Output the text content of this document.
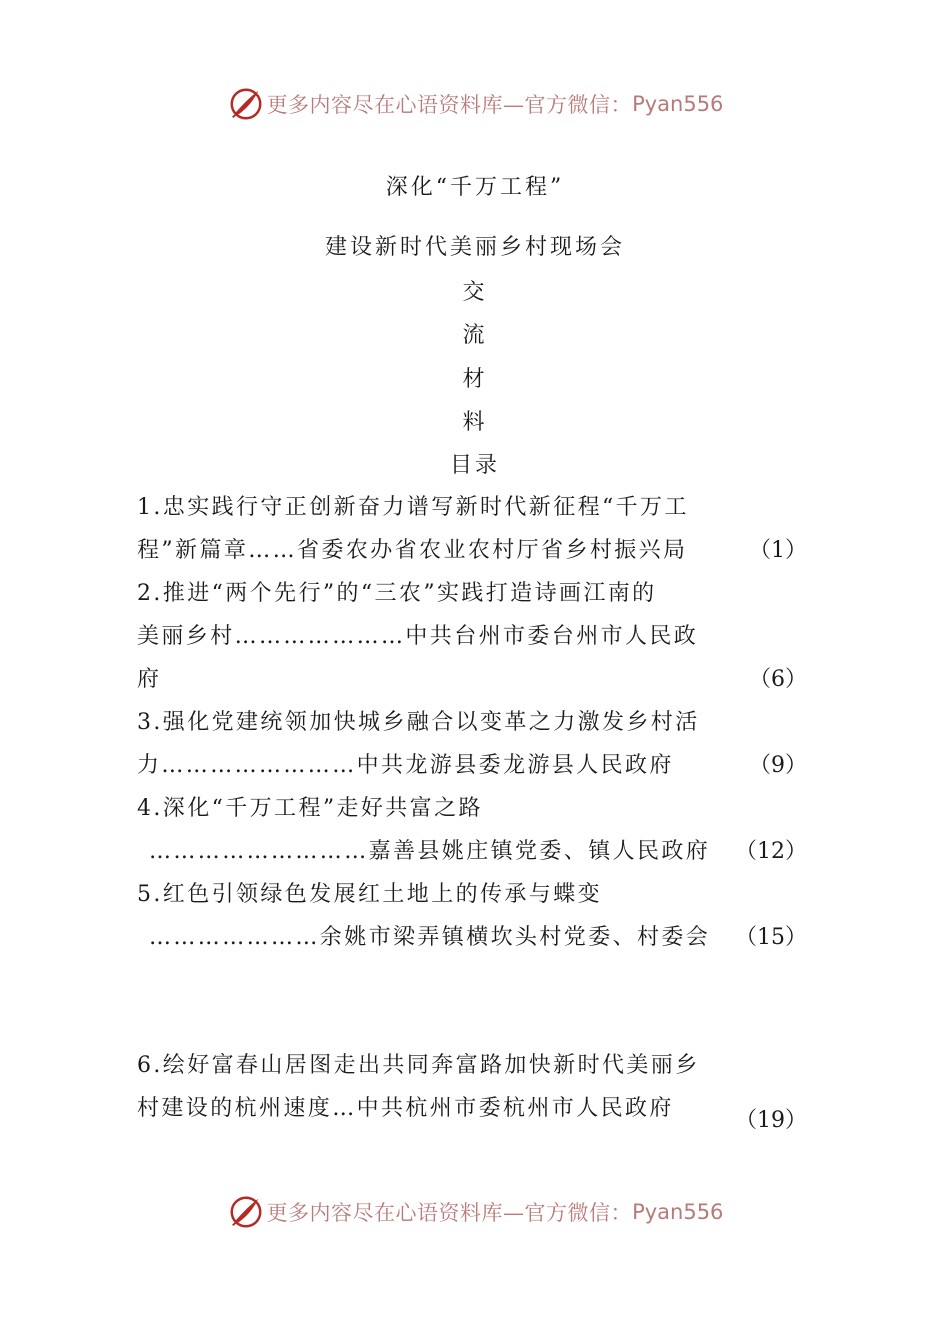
更多内容尽在心语资料库—官方微信： Pyan556
深化“千万工程”
建设新时代美丽乡村现场会
交
流
材
料
目录
1.忠实践行守正创新奋力谱写新时代新征程“千万工
程”新篇章……省委农办省农业农村厅省乡村振兴局	（1）
2.推进“两个先行”的“三农”实践打造诗画江南的
美丽乡村…………………中共台州市委台州市人民政
府	（6）
3.强化党建统领加快城乡融合以变革之力激发乡村活
力……………………中共龙游县委龙游县人民政府	（9）
4.深化“千万工程”走好共富之路
………………………嘉善县姚庄镇党委、镇人民政府 （12）
5.红色引领绿色发展红土地上的传承与蝶变
…………………余姚市梁弄镇横坎头村党委、村委会 （15）
6.绘好富春山居图走出共同奔富路加快新时代美丽乡
村建设的杭州速度…中共杭州市委杭州市人民政府	（19）
更多内容尽在心语资料库—官方微信： Pyan556
